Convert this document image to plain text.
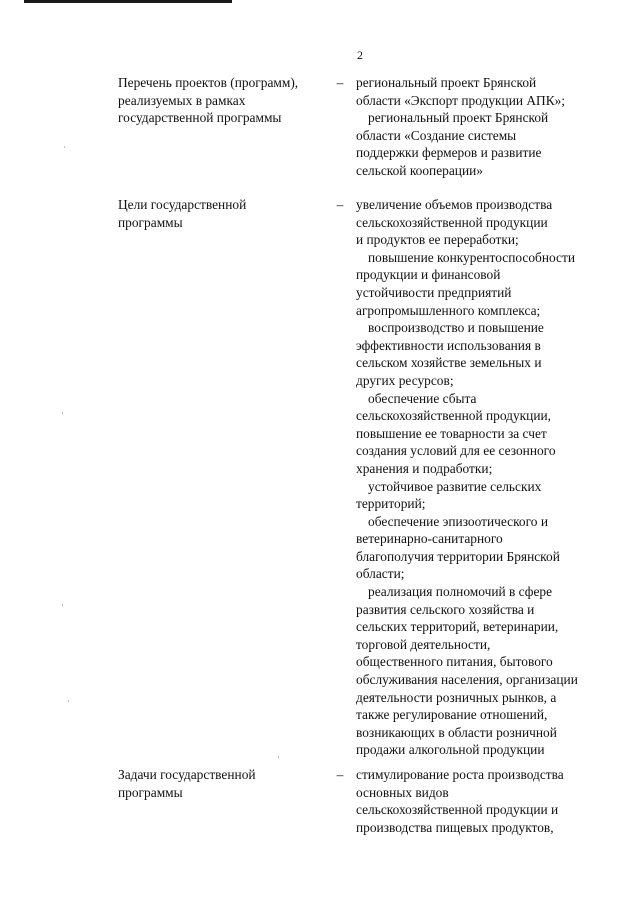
2
Перечень проектов (программ),
реализуемых в рамках
государственной программы
– региональный проект Брянской
области «Экспорт продукции АПК»;
региональный проект Брянской
области «Создание системы
поддержки фермеров и развитие
сельской кооперации»
Цели государственной
программы
– увеличение объемов производства
сельскохозяйственной продукции
и продуктов ее переработки;
повышение конкурентоспособности
продукции и финансовой
устойчивости предприятий
агропромышленного комплекса;
воспроизводство и повышение
эффективности использования в
сельском хозяйстве земельных и
других ресурсов;
обеспечение сбыта
сельскохозяйственной продукции,
повышение ее товарности за счет
создания условий для ее сезонного
хранения и подработки;
устойчивое развитие сельских
территорий;
обеспечение эпизоотического и
ветеринарно-санитарного
благополучия территории Брянской
области;
реализация полномочий в сфере
развития сельского хозяйства и
сельских территорий, ветеринарии,
торговой деятельности,
общественного питания, бытового
обслуживания населения, организации
деятельности розничных рынков, а
также регулирование отношений,
возникающих в области розничной
продажи алкогольной продукции
Задачи государственной
программы
– стимулирование роста производства
основных видов
сельскохозяйственной продукции и
производства пищевых продуктов,
